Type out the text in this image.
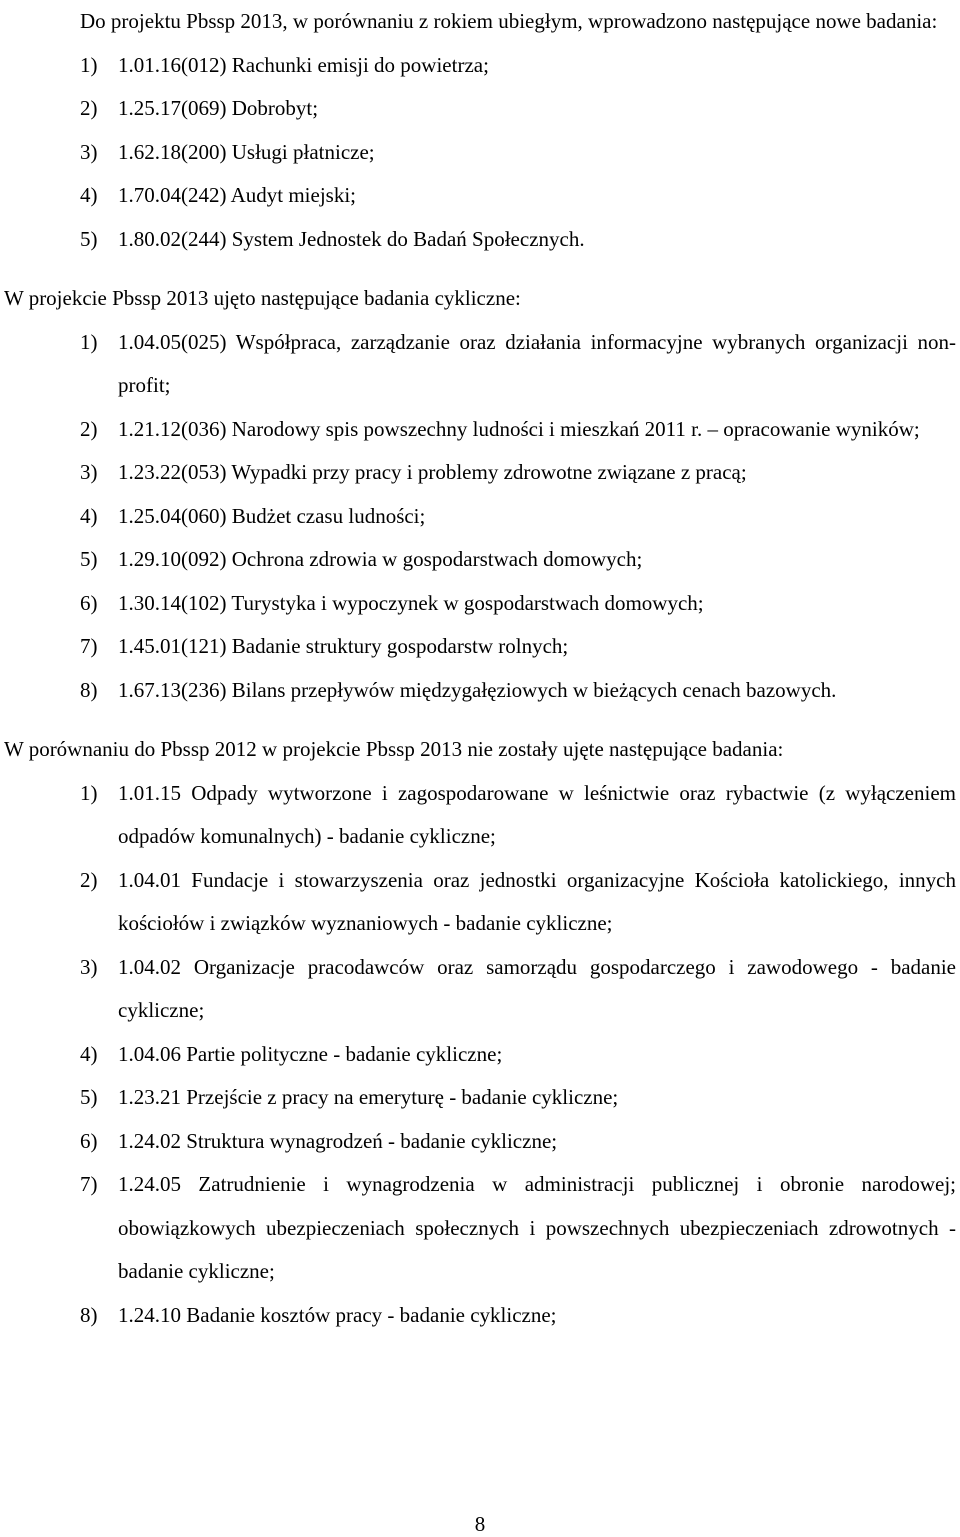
Do projektu Pbssp 2013, w porównaniu z rokiem ubiegłym, wprowadzono następujące nowe badania:

1) 1.01.16(012) Rachunki emisji do powietrza;
2) 1.25.17(069) Dobrobyt;
3) 1.62.18(200) Usługi płatnicze;
4) 1.70.04(242) Audyt miejski;
5) 1.80.02(244) System Jednostek do Badań Społecznych.

W projekcie Pbssp 2013 ujęto następujące badania cykliczne:

1) 1.04.05(025) Współpraca, zarządzanie oraz działania informacyjne wybranych organizacji non-profit;
2) 1.21.12(036) Narodowy spis powszechny ludności i mieszkań 2011 r. – opracowanie wyników;
3) 1.23.22(053) Wypadki przy pracy i problemy zdrowotne związane z pracą;
4) 1.25.04(060) Budżet czasu ludności;
5) 1.29.10(092) Ochrona zdrowia w gospodarstwach domowych;
6) 1.30.14(102) Turystyka i wypoczynek w gospodarstwach domowych;
7) 1.45.01(121) Badanie struktury gospodarstw rolnych;
8) 1.67.13(236) Bilans przepływów międzygałęziowych w bieżących cenach bazowych.

W porównaniu do Pbssp 2012 w projekcie Pbssp 2013 nie zostały ujęte następujące badania:

1) 1.01.15 Odpady wytworzone i zagospodarowane w leśnictwie oraz rybactwie (z wyłączeniem odpadów komunalnych) - badanie cykliczne;
2) 1.04.01 Fundacje i stowarzyszenia oraz jednostki organizacyjne Kościoła katolickiego, innych kościołów i związków wyznaniowych - badanie cykliczne;
3) 1.04.02 Organizacje pracodawców oraz samorządu gospodarczego i zawodowego - badanie cykliczne;
4) 1.04.06 Partie polityczne - badanie cykliczne;
5) 1.23.21 Przejście z pracy na emeryturę - badanie cykliczne;
6) 1.24.02 Struktura wynagrodzeń - badanie cykliczne;
7) 1.24.05 Zatrudnienie i wynagrodzenia w administracji publicznej i obronie narodowej; obowiązkowych ubezpieczeniach społecznych i powszechnych ubezpieczeniach zdrowotnych - badanie cykliczne;
8) 1.24.10 Badanie kosztów pracy - badanie cykliczne;
8
